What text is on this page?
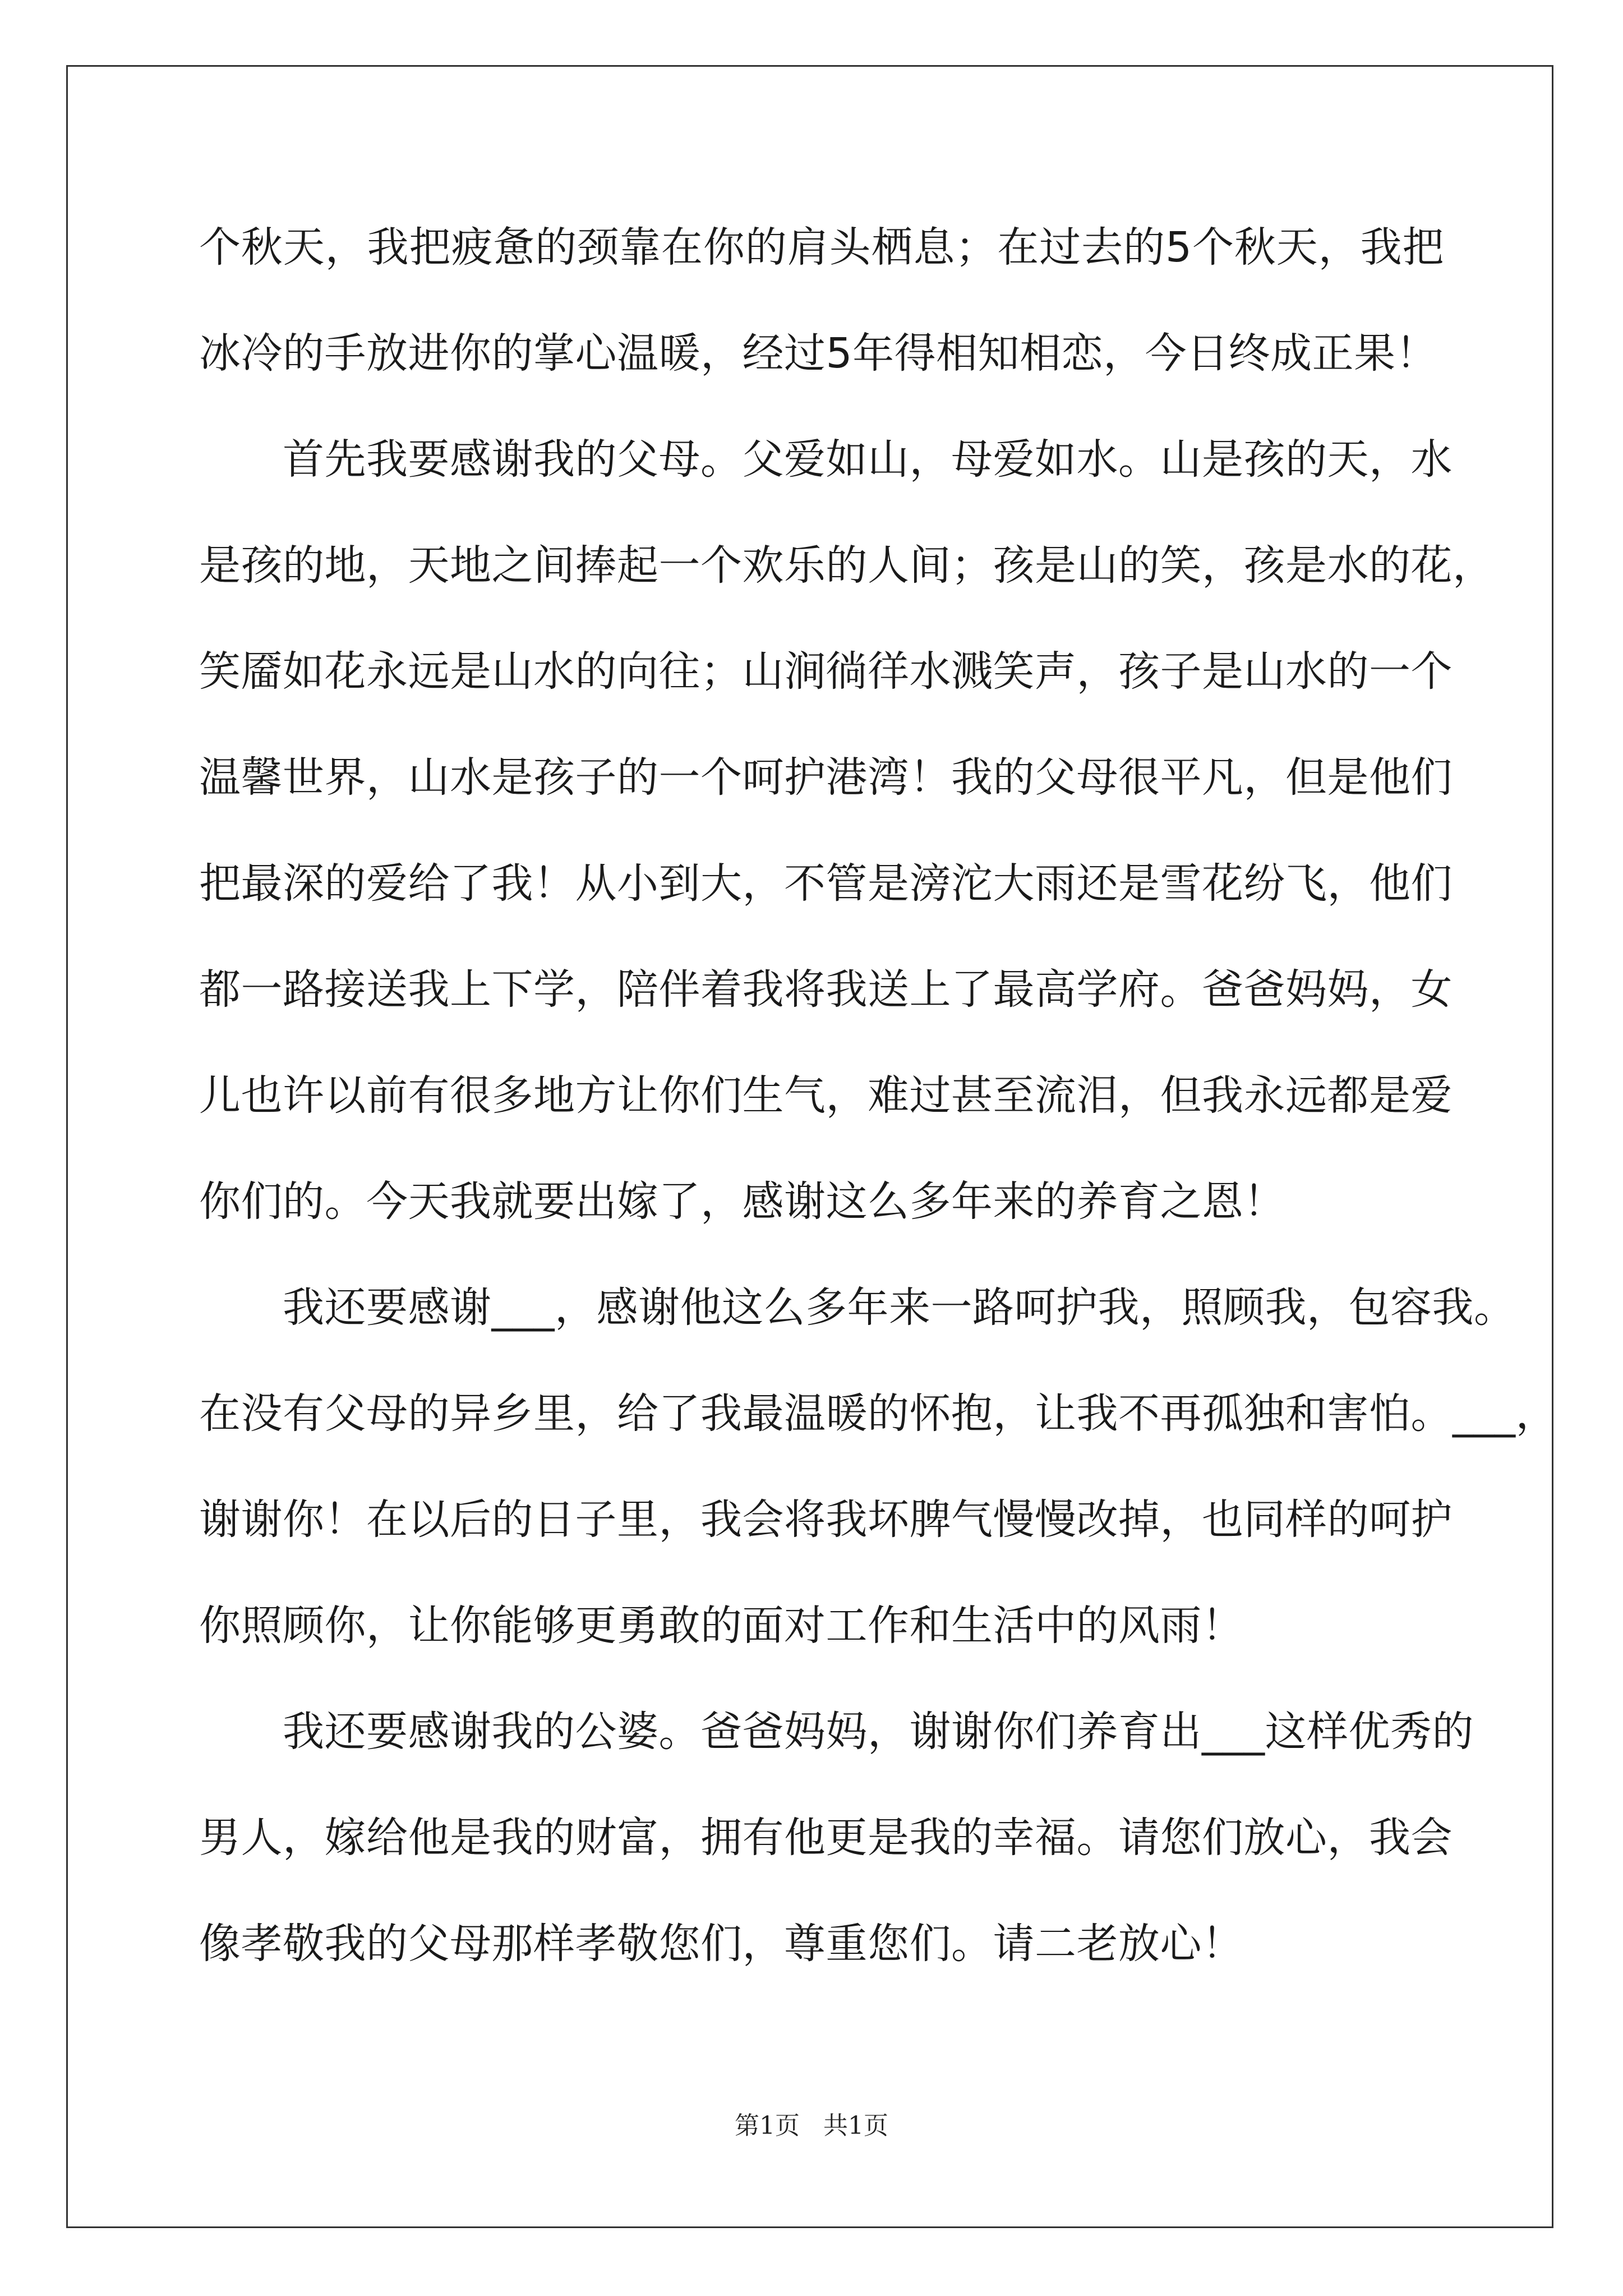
个秋天，我把疲惫的颈靠在你的肩头栖息；在过去的5个秋天，我把
冰冷的手放进你的掌心温暖，经过5年得相知相恋，今日终成正果！
　　首先我要感谢我的父母。父爱如山，母爱如水。山是孩的天，水
是孩的地，天地之间捧起一个欢乐的人间；孩是山的笑，孩是水的花，
笑靥如花永远是山水的向往；山涧徜徉水溅笑声，孩子是山水的一个
温馨世界，山水是孩子的一个呵护港湾！我的父母很平凡，但是他们
把最深的爱给了我！从小到大，不管是滂沱大雨还是雪花纷飞，他们
都一路接送我上下学，陪伴着我将我送上了最高学府。爸爸妈妈，女
儿也许以前有很多地方让你们生气，难过甚至流泪，但我永远都是爱
你们的。今天我就要出嫁了，感谢这么多年来的养育之恩！
　　我还要感谢___，感谢他这么多年来一路呵护我，照顾我，包容我。
在没有父母的异乡里，给了我最温暖的怀抱，让我不再孤独和害怕。___，
谢谢你！在以后的日子里，我会将我坏脾气慢慢改掉，也同样的呵护
你照顾你，让你能够更勇敢的面对工作和生活中的风雨！
　　我还要感谢我的公婆。爸爸妈妈，谢谢你们养育出___这样优秀的
男人，嫁给他是我的财富，拥有他更是我的幸福。请您们放心，我会
像孝敬我的父母那样孝敬您们，尊重您们。请二老放心！
第1页 共1页
